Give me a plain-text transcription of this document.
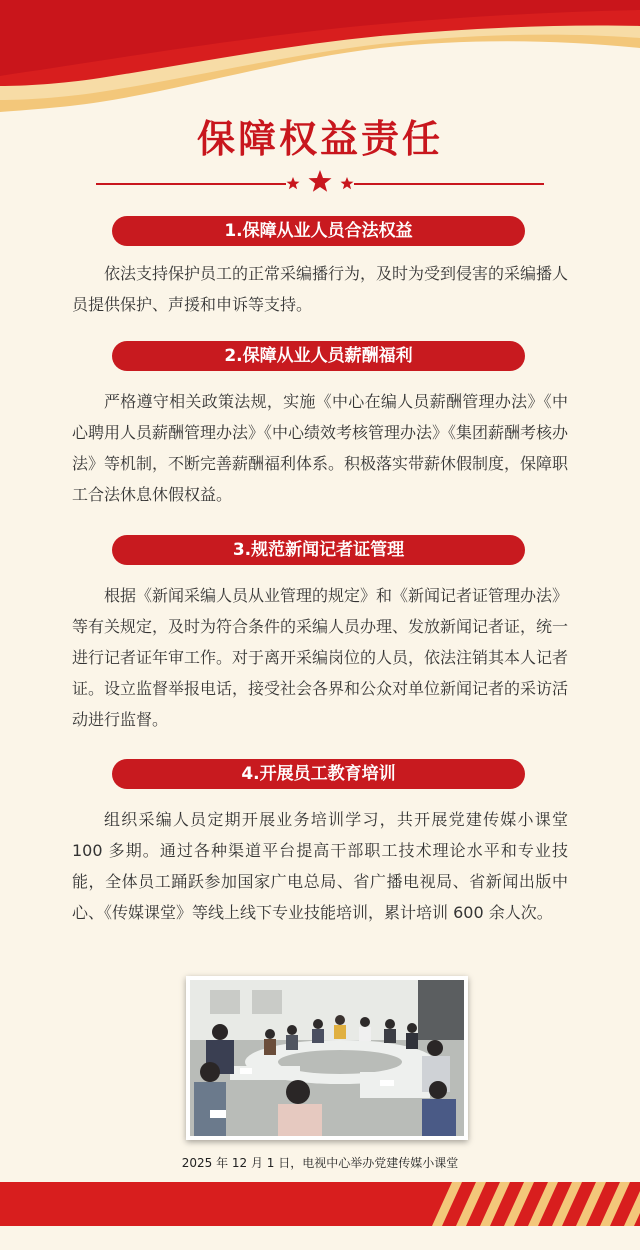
保障权益责任
1.保障从业人员合法权益

依法支持保护员工的正常采编播行为，及时为受到侵害的采编播人员提供保护、声援和申诉等支持。

2.保障从业人员薪酬福利

严格遵守相关政策法规，实施《中心在编人员薪酬管理办法》《中心聘用人员薪酬管理办法》《中心绩效考核管理办法》《集团薪酬考核办法》等机制，不断完善薪酬福利体系。积极落实带薪休假制度，保障职工合法休息休假权益。

3.规范新闻记者证管理

根据《新闻采编人员从业管理的规定》和《新闻记者证管理办法》等有关规定，及时为符合条件的采编人员办理、发放新闻记者证，统一进行记者证年审工作。对于离开采编岗位的人员，依法注销其本人记者证。设立监督举报电话，接受社会各界和公众对单位新闻记者的采访活动进行监督。

4.开展员工教育培训

组织采编人员定期开展业务培训学习，共开展党建传媒小课堂 100 多期。通过各种渠道平台提高干部职工技术理论水平和专业技能，全体员工踊跃参加国家广电总局、省广播电视局、省新闻出版中心、《传媒课堂》等线上线下专业技能培训，累计培训 600 余人次。

2025 年 12 月 1 日，电视中心举办党建传媒小课堂
